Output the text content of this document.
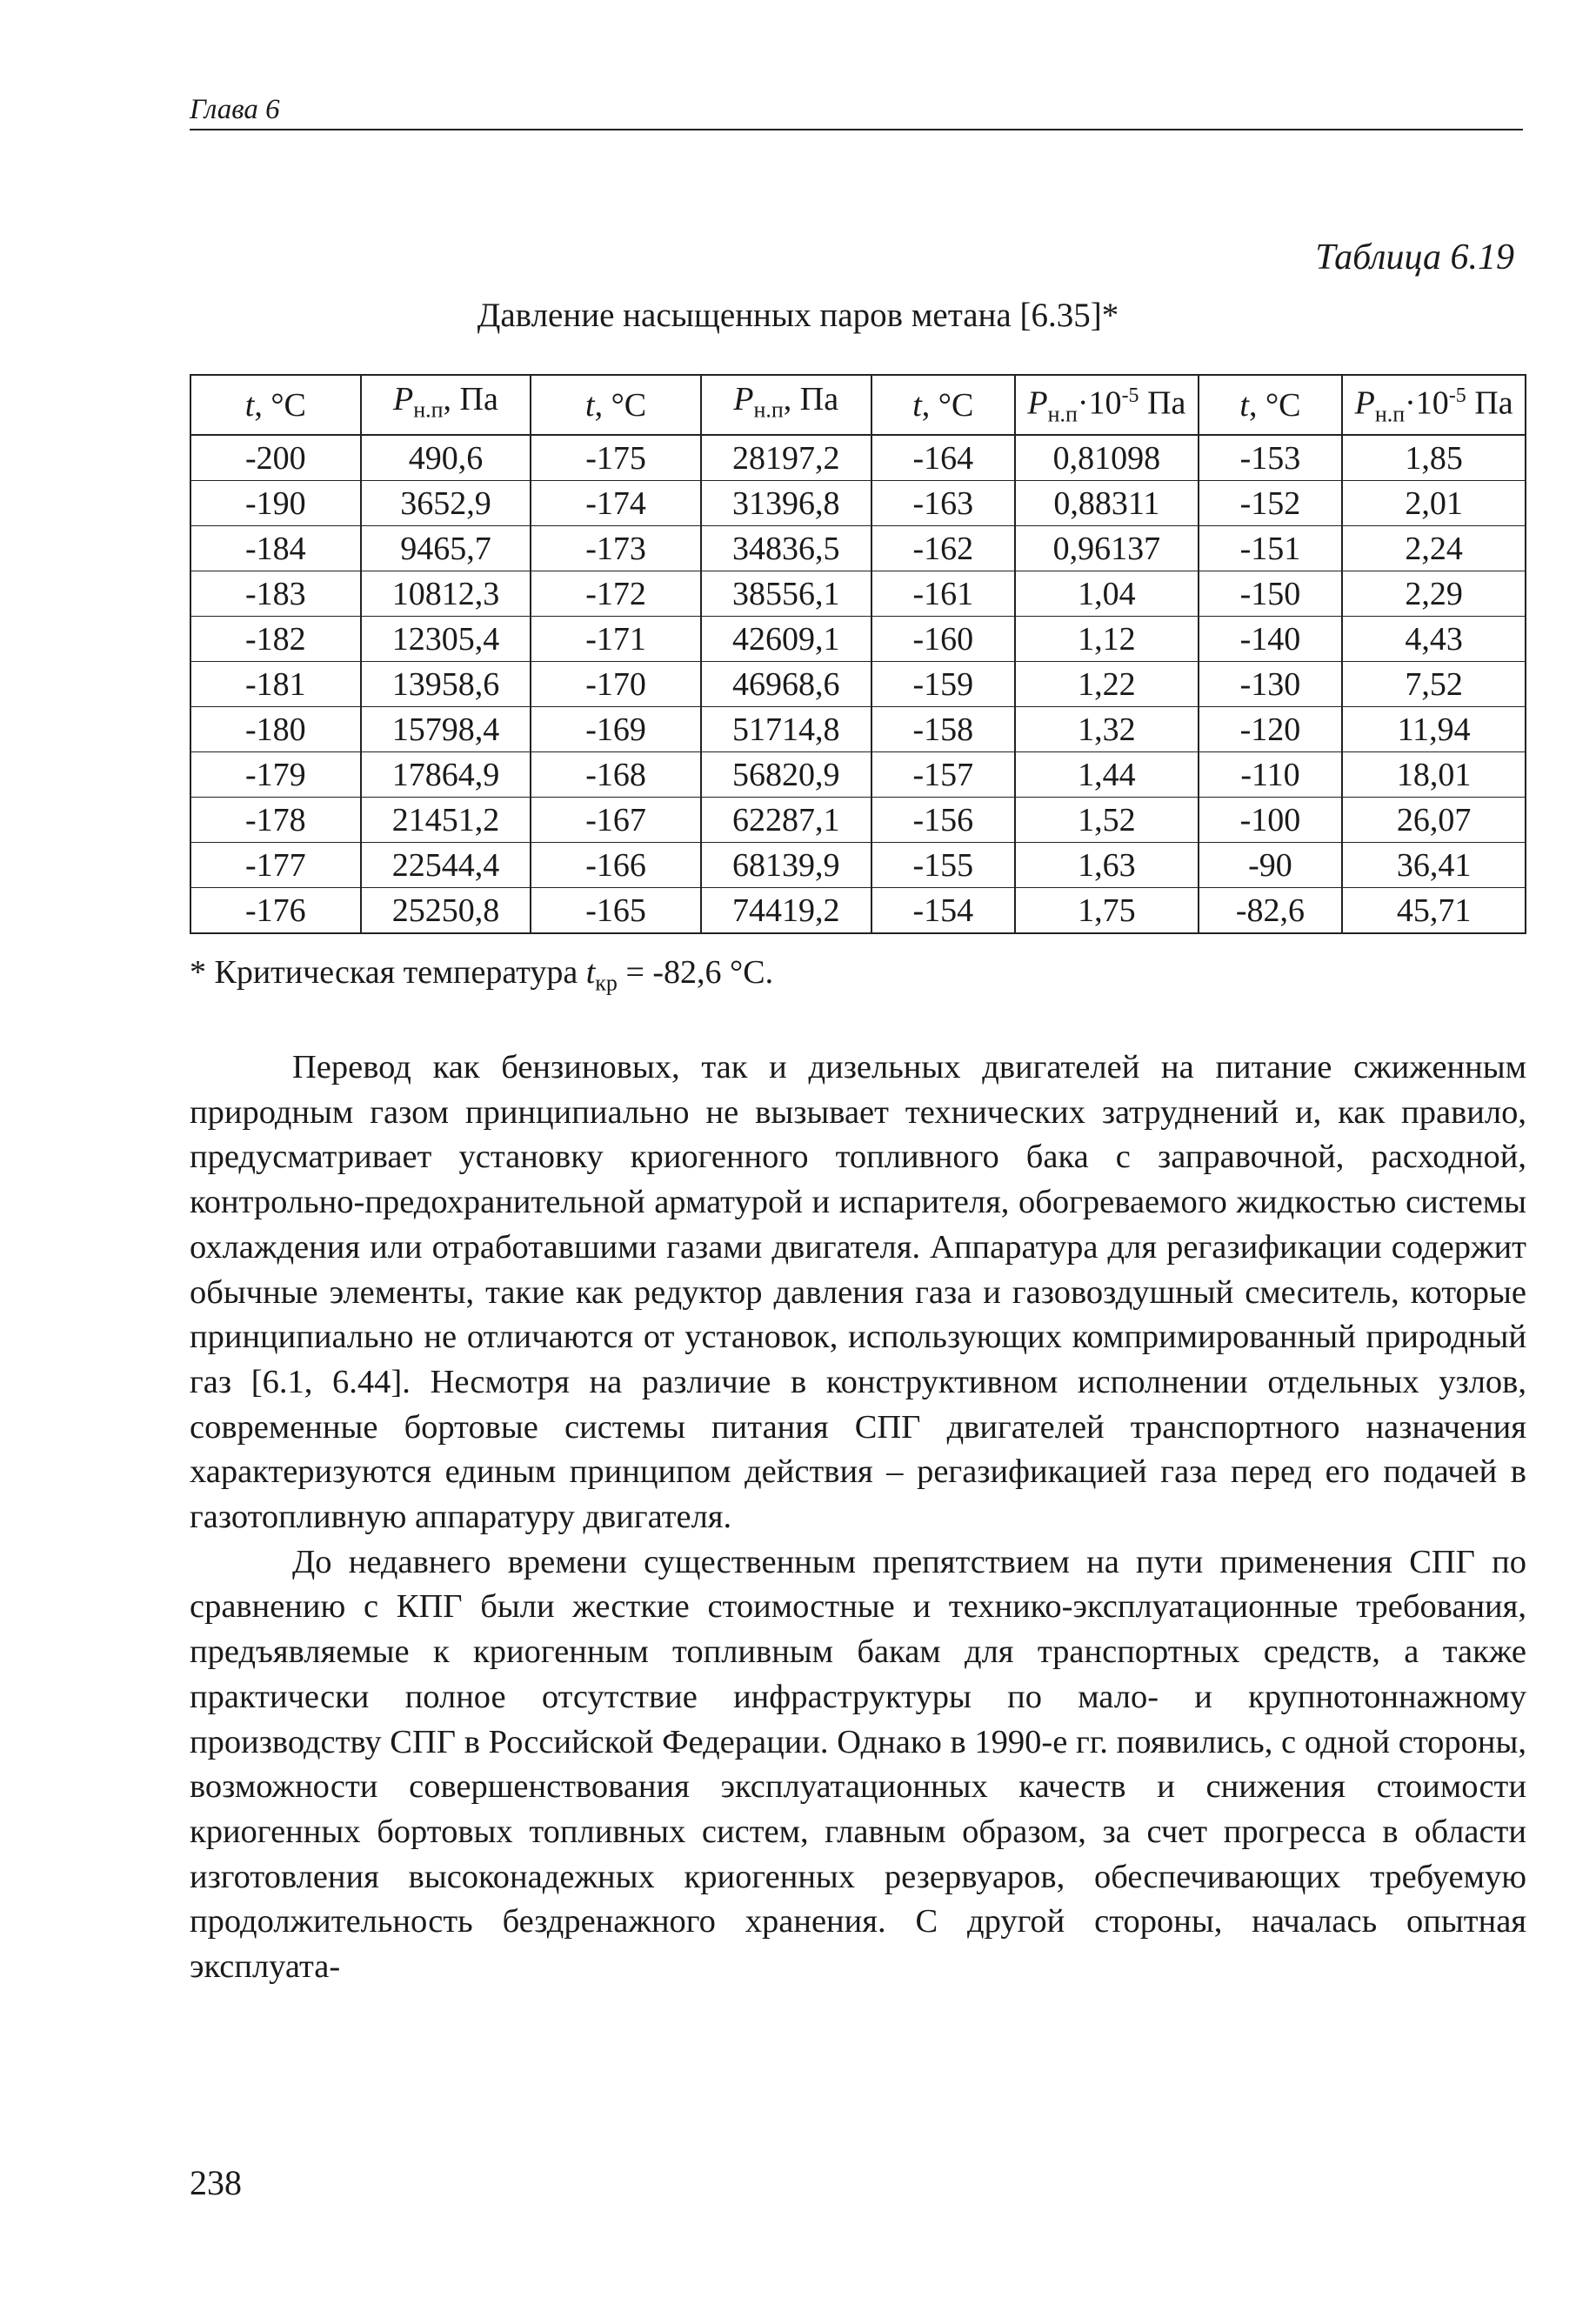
Глава 6
Таблица 6.19
Давление насыщенных паров метана [6.35]*
t, °С	$P_{н.п}$, Па	t, °С	$P_{н.п}$, Па	t, °С	$P_{н.п}\cdot 10^{-5}$ Па	t, °С	$P_{н.п}\cdot 10^{-5}$ Па
-200	490,6	-175	28197,2	-164	0,81098	-153	1,85
-190	3652,9	-174	31396,8	-163	0,88311	-152	2,01
-184	9465,7	-173	34836,5	-162	0,96137	-151	2,24
-183	10812,3	-172	38556,1	-161	1,04	-150	2,29
-182	12305,4	-171	42609,1	-160	1,12	-140	4,43
-181	13958,6	-170	46968,6	-159	1,22	-130	7,52
-180	15798,4	-169	51714,8	-158	1,32	-120	11,94
-179	17864,9	-168	56820,9	-157	1,44	-110	18,01
-178	21451,2	-167	62287,1	-156	1,52	-100	26,07
-177	22544,4	-166	68139,9	-155	1,63	-90	36,41
-176	25250,8	-165	74419,2	-154	1,75	-82,6	45,71
* Критическая температура $t_{кр} = -82,6$ °С.

Перевод как бензиновых, так и дизельных двигателей на питание сжиженным природным газом принципиально не вызывает технических затруднений и, как правило, предусматривает установку криогенного топливного бака с заправочной, расходной, контрольно-предохранительной арматурой и испарителя, обогреваемого жидкостью системы охлаждения или отработавшими газами двигателя. Аппаратура для регазификации содержит обычные элементы, такие как редуктор давления газа и газовоздушный смеситель, которые принципиально не отличаются от установок, использующих компримированный природный газ [6.1, 6.44]. Несмотря на различие в конструктивном исполнении отдельных узлов, современные бортовые системы питания СПГ двигателей транспортного назначения характеризуются единым принципом действия – регазификацией газа перед его подачей в газотопливную аппаратуру двигателя.

До недавнего времени существенным препятствием на пути применения СПГ по сравнению с КПГ были жесткие стоимостные и технико-эксплуатационные требования, предъявляемые к криогенным топливным бакам для транспортных средств, а также практически полное отсутствие инфраструктуры по мало- и крупнотоннажному производству СПГ в Российской Федерации. Однако в 1990-е гг. появились, с одной стороны, возможности совершенствования эксплуатационных качеств и снижения стоимости криогенных бортовых топливных систем, главным образом, за счет прогресса в области изготовления высоконадежных криогенных резервуаров, обеспечивающих требуемую продолжительность бездренажного хранения. С другой стороны, началась опытная эксплуата-

238
